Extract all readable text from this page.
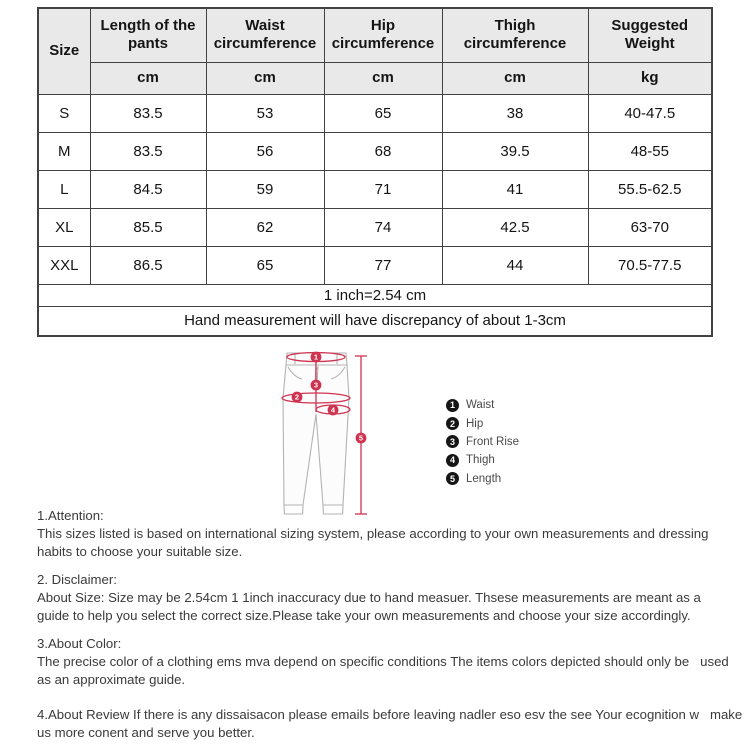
Size	Length of the pants	Waist circumference	Hip circumference	Thigh circumference	Suggested Weight
	cm	cm	cm	cm	kg
S	83.5	53	65	38	40-47.5
M	83.5	56	68	39.5	48-55
L	84.5	59	71	41	55.5-62.5
XL	85.5	62	74	42.5	63-70
XXL	86.5	65	77	44	70.5-77.5
1 inch=2.54 cm					
Hand measurement will have discrepancy of about 1-3cm					
1
2
3
4
5
1 Waist
2 Hip
3 Front Rise
4 Thigh
5 Length
1.Attention:
This sizes listed is based on international sizing system, please according to your own measurements and dressing
habits to choose your suitable size.
2. Disclaimer:
About Size: Size may be 2.54cm 1 1inch inaccuracy due to hand measuer. Thsese measurements are meant as a
guide to help you select the correct size.Please take your own measurements and choose your size accordingly.
3.About Color:
The precise color of a clothing ems mva depend on specific conditions The items colors depicted should only be   used
as an approximate guide.
4.About Review If there is any dissaisacon please emails before leaving nadler eso esv the see Your ecognition w   make
us more conent and serve you better.
